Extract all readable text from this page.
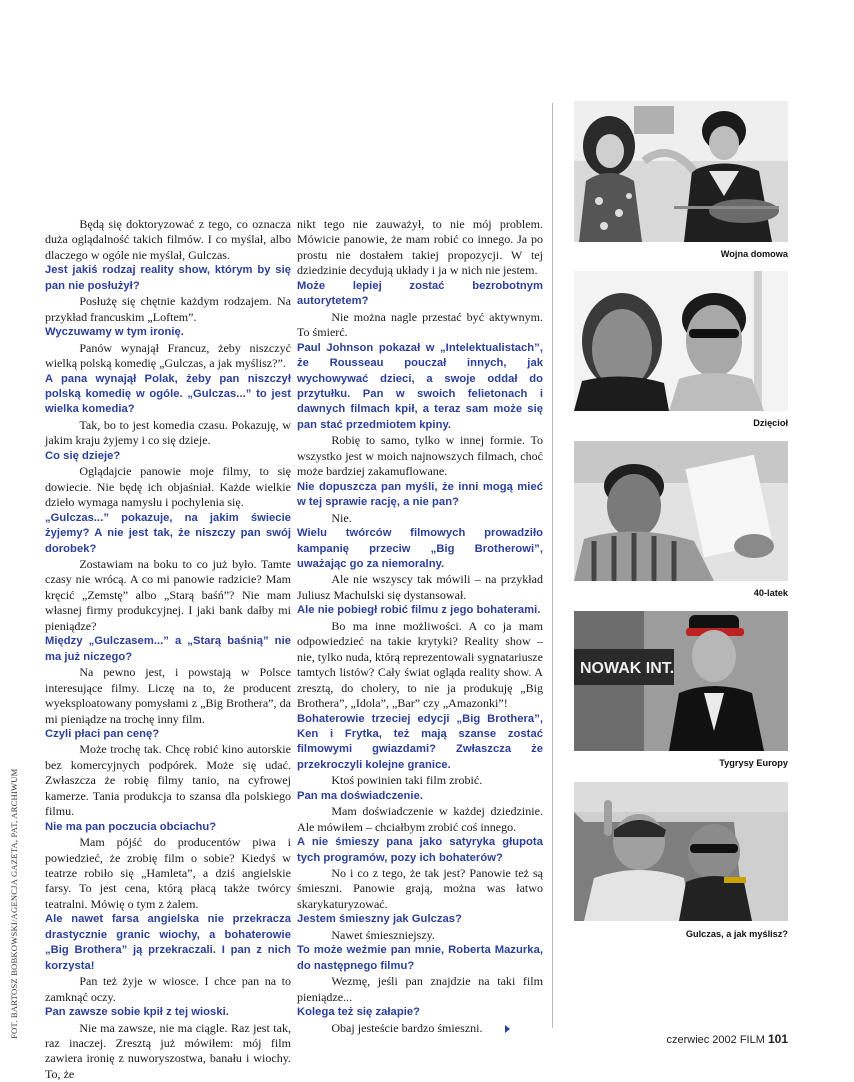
FOT. BARTOSZ BOBKOWSKI/AGENCJA GAZETA, PAT, ARCHIWUM

Będą się doktoryzować z tego, co oznacza duża oglądalność takich filmów. I co myślał, albo dlaczego w ogóle nie myślał, Gulczas.

Jest jakiś rodzaj reality show, którym by się pan nie posłużył?

Posłużę się chętnie każdym rodzajem. Na przykład francuskim „Loftem”.

Wyczuwamy w tym ironię.

Panów wynajął Francuz, żeby niszczyć wielką polską komedię „Gulczas, a jak myślisz?”.

A pana wynajął Polak, żeby pan niszczył polską komedię w ogóle. „Gulczas...” to jest wielka komedia?

Tak, bo to jest komedia czasu. Pokazuję, w jakim kraju żyjemy i co się dzieje.

Co się dzieje?

Oglądajcie panowie moje filmy, to się dowiecie. Nie będę ich objaśniał. Każde wielkie dzieło wymaga namysłu i pochylenia się.

„Gulczas...” pokazuje, na jakim świecie żyjemy? A nie jest tak, że niszczy pan swój dorobek?

Zostawiam na boku to co już było. Tamte czasy nie wrócą. A co mi panowie radzicie? Mam kręcić „Zemstę” albo „Starą baśń”? Nie mam własnej firmy produkcyjnej. I jaki bank dałby mi pieniądze?

Między „Gulczasem...” a „Starą baśnią” nie ma już niczego?

Na pewno jest, i powstają w Polsce interesujące filmy. Liczę na to, że producent wyeksploatowany pomysłami z „Big Brothera”, da mi pieniądze na trochę inny film.

Czyli płaci pan cenę?

Może trochę tak. Chcę robić kino autorskie bez komercyjnych podpórek. Może się udać. Zwłaszcza że robię filmy tanio, na cyfrowej kamerze. Tania produkcja to szansa dla polskiego filmu.

Nie ma pan poczucia obciachu?

Mam pójść do producentów piwa i powiedzieć, że zrobię film o sobie? Kiedyś w teatrze robiło się „Hamleta”, a dziś angielskie farsy. To jest cena, którą płacą także twórcy teatralni. Mówię o tym z żalem.

Ale nawet farsa angielska nie przekracza drastycznie granic wiochy, a bohaterowie „Big Brothera” ją przekraczali. I pan z nich korzysta!

Pan też żyje w wiosce. I chce pan na to zamknąć oczy.

Pan zawsze sobie kpił z tej wioski.

Nie ma zawsze, nie ma ciągle. Raz jest tak, raz inaczej. Zresztą już mówiłem: mój film zawiera ironię z nuworyszostwa, banału i wiochy. To, że

nikt tego nie zauważył, to nie mój problem. Mówicie panowie, że mam robić co innego. Ja po prostu nie dostałem takiej propozycji. W tej dziedzinie decydują układy i ja w nich nie jestem.

Może lepiej zostać bezrobotnym autorytetem?

Nie można nagle przestać być aktywnym. To śmierć.

Paul Johnson pokazał w „Intelektualistach”, że Rousseau pouczał innych, jak wychowywać dzieci, a swoje oddał do przytułku. Pan w swoich felietonach i dawnych filmach kpił, a teraz sam może się pan stać przedmiotem kpiny.

Robię to samo, tylko w innej formie. To wszystko jest w moich najnowszych filmach, choć może bardziej zakamuflowane.

Nie dopuszcza pan myśli, że inni mogą mieć w tej sprawie rację, a nie pan?

Nie.

Wielu twórców filmowych prowadziło kampanię przeciw „Big Brotherowi”, uważając go za niemoralny.

Ale nie wszyscy tak mówili – na przykład Juliusz Machulski się dystansował.

Ale nie pobiegł robić filmu z jego bohaterami.

Bo ma inne możliwości. A co ja mam odpowiedzieć na takie krytyki? Reality show – nie, tylko nuda, którą reprezentowali sygnatariusze tamtych listów? Cały świat ogląda reality show. A zresztą, do cholery, to nie ja produkuję „Big Brothera”, „Idola”, „Bar” czy „Amazonki”!

Bohaterowie trzeciej edycji „Big Brothera”, Ken i Frytka, też mają szanse zostać filmowymi gwiazdami? Zwłaszcza że przekroczyli kolejne granice.

Ktoś powinien taki film zrobić.

Pan ma doświadczenie.

Mam doświadczenie w każdej dziedzinie. Ale mówiłem – chciałbym zrobić coś innego.

A nie śmieszy pana jako satyryka głupota tych programów, pozy ich bohaterów?

No i co z tego, że tak jest? Panowie też są śmieszni. Panowie grają, można was łatwo skarykaturyzować.

Jestem śmieszny jak Gulczas?

Nawet śmieszniejszy.

To może weźmie pan mnie, Roberta Mazurka, do następnego filmu?

Wezmę, jeśli pan znajdzie na taki film pieniądze...

Kolega też się załapie?

Obaj jesteście bardzo śmieszni.

Wojna domowa
Dzięcioł
40-latek
NOWAK INT.
Tygrysy Europy
Gulczas, a jak myślisz?
czerwiec 2002 FILM 101
